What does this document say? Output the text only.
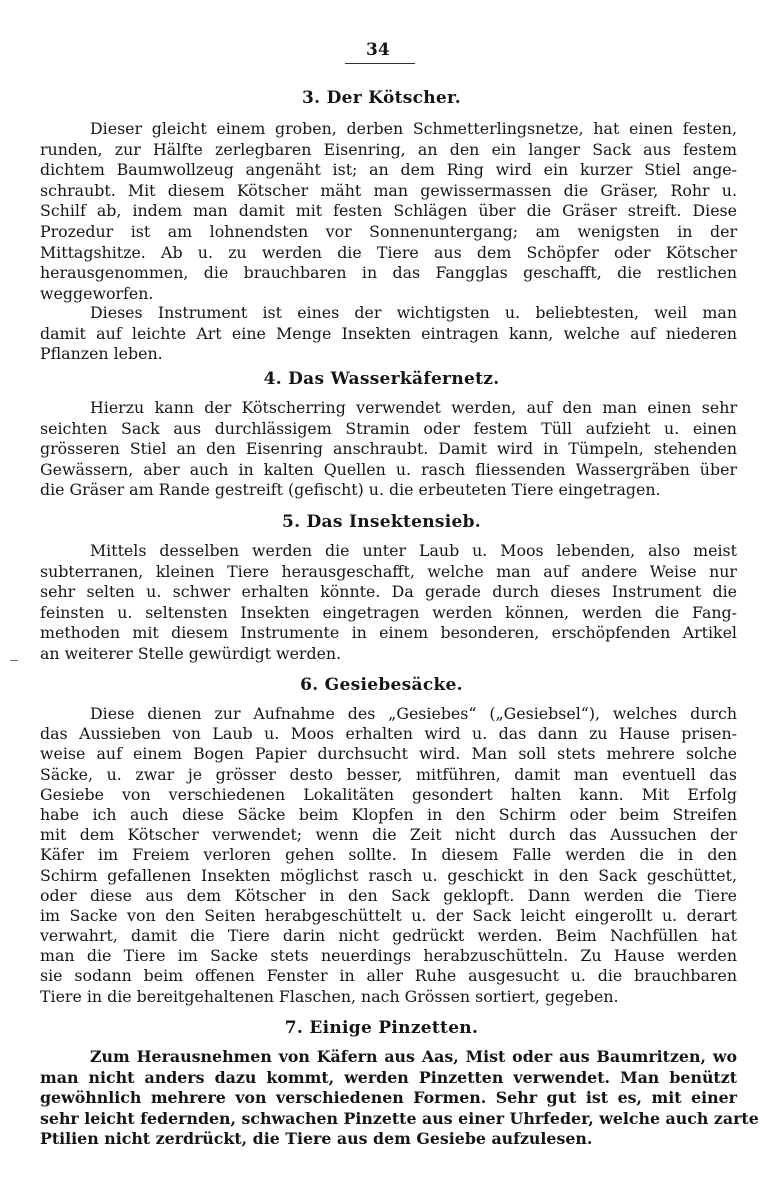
34
3. Der Kötscher.
Dieser gleicht einem groben, derben Schmetterlingsnetze, hat einen festen,
runden, zur Hälfte zerlegbaren Eisenring, an den ein langer Sack aus festem
dichtem Baumwollzeug angenäht ist; an dem Ring wird ein kurzer Stiel ange-
schraubt. Mit diesem Kötscher mäht man gewissermassen die Gräser, Rohr u.
Schilf ab, indem man damit mit festen Schlägen über die Gräser streift. Diese
Prozedur ist am lohnendsten vor Sonnenuntergang; am wenigsten in der
Mittagshitze. Ab u. zu werden die Tiere aus dem Schöpfer oder Kötscher
herausgenommen, die brauchbaren in das Fangglas geschafft, die restlichen
weggeworfen.
Dieses Instrument ist eines der wichtigsten u. beliebtesten, weil man
damit auf leichte Art eine Menge Insekten eintragen kann, welche auf niederen
Pflanzen leben.
4. Das Wasserkäfernetz.
Hierzu kann der Kötscherring verwendet werden, auf den man einen sehr
seichten Sack aus durchlässigem Stramin oder festem Tüll aufzieht u. einen
grösseren Stiel an den Eisenring anschraubt. Damit wird in Tümpeln, stehenden
Gewässern, aber auch in kalten Quellen u. rasch fliessenden Wassergräben über
die Gräser am Rande gestreift (gefischt) u. die erbeuteten Tiere eingetragen.
5. Das Insektensieb.
Mittels desselben werden die unter Laub u. Moos lebenden, also meist
subterranen, kleinen Tiere herausgeschafft, welche man auf andere Weise nur
sehr selten u. schwer erhalten könnte. Da gerade durch dieses Instrument die
feinsten u. seltensten Insekten eingetragen werden können, werden die Fang-
methoden mit diesem Instrumente in einem besonderen, erschöpfenden Artikel
an weiterer Stelle gewürdigt werden.
6. Gesiebesäcke.
Diese dienen zur Aufnahme des „Gesiebes“ („Gesiebsel“), welches durch
das Aussieben von Laub u. Moos erhalten wird u. das dann zu Hause prisen-
weise auf einem Bogen Papier durchsucht wird. Man soll stets mehrere solche
Säcke, u. zwar je grösser desto besser, mitführen, damit man eventuell das
Gesiebe von verschiedenen Lokalitäten gesondert halten kann. Mit Erfolg
habe ich auch diese Säcke beim Klopfen in den Schirm oder beim Streifen
mit dem Kötscher verwendet; wenn die Zeit nicht durch das Aussuchen der
Käfer im Freiem verloren gehen sollte. In diesem Falle werden die in den
Schirm gefallenen Insekten möglichst rasch u. geschickt in den Sack geschüttet,
oder diese aus dem Kötscher in den Sack geklopft. Dann werden die Tiere
im Sacke von den Seiten herabgeschüttelt u. der Sack leicht eingerollt u. derart
verwahrt, damit die Tiere darin nicht gedrückt werden. Beim Nachfüllen hat
man die Tiere im Sacke stets neuerdings herabzuschütteln. Zu Hause werden
sie sodann beim offenen Fenster in aller Ruhe ausgesucht u. die brauchbaren
Tiere in die bereitgehaltenen Flaschen, nach Grössen sortiert, gegeben.
7. Einige Pinzetten.
Zum Herausnehmen von Käfern aus Aas, Mist oder aus Baumritzen, wo
man nicht anders dazu kommt, werden Pinzetten verwendet. Man benützt
gewöhnlich mehrere von verschiedenen Formen. Sehr gut ist es, mit einer
sehr leicht federnden, schwachen Pinzette aus einer Uhrfeder, welche auch zarte
Ptilien nicht zerdrückt, die Tiere aus dem Gesiebe aufzulesen.
